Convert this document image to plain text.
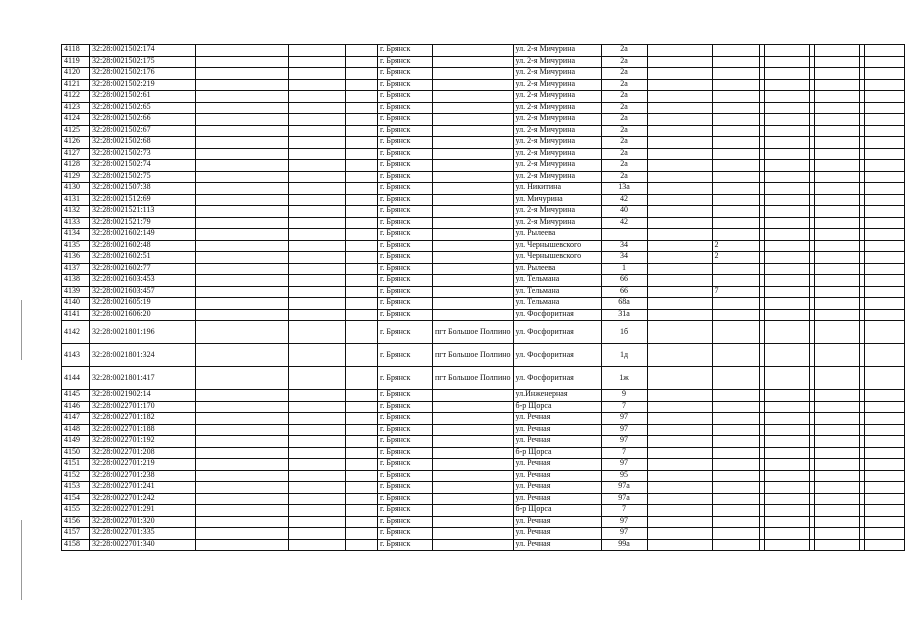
4118	32:28:0021502:174				г. Брянск		ул. 2-я Мичурина	2а								
4119	32:28:0021502:175				г. Брянск		ул. 2-я Мичурина	2а								
4120	32:28:0021502:176				г. Брянск		ул. 2-я Мичурина	2а								
4121	32:28:0021502:219				г. Брянск		ул. 2-я Мичурина	2а								
4122	32:28:0021502:61				г. Брянск		ул. 2-я Мичурина	2а								
4123	32:28:0021502:65				г. Брянск		ул. 2-я Мичурина	2а								
4124	32:28:0021502:66				г. Брянск		ул. 2-я Мичурина	2а								
4125	32:28:0021502:67				г. Брянск		ул. 2-я Мичурина	2а								
4126	32:28:0021502:68				г. Брянск		ул. 2-я Мичурина	2а								
4127	32:28:0021502:73				г. Брянск		ул. 2-я Мичурина	2а								
4128	32:28:0021502:74				г. Брянск		ул. 2-я Мичурина	2а								
4129	32:28:0021502:75				г. Брянск		ул. 2-я Мичурина	2а								
4130	32:28:0021507:38				г. Брянск		ул. Никитина	13а								
4131	32:28:0021512:69				г. Брянск		ул. Мичурина	42								
4132	32:28:0021521:113				г. Брянск		ул. 2-я Мичурина	40								
4133	32:28:0021521:79				г. Брянск		ул. 2-я Мичурина	42								
4134	32:28:0021602:149				г. Брянск		ул. Рылеева									
4135	32:28:0021602:48				г. Брянск		ул. Чернышевского	34		2						
4136	32:28:0021602:51				г. Брянск		ул. Чернышевского	34		2						
4137	32:28:0021602:77				г. Брянск		ул. Рылеева	1								
4138	32:28:0021603:453				г. Брянск		ул. Тельмана	66								
4139	32:28:0021603:457				г. Брянск		ул. Тельмана	66		7						
4140	32:28:0021605:19				г. Брянск		ул. Тельмана	68а								
4141	32:28:0021606:20				г. Брянск		ул. Фосфоритная	31а								
4142	32:28:0021801:196				г. Брянск	пгт Большое Полпино	ул. Фосфоритная	1б								
4143	32:28:0021801:324				г. Брянск	пгт Большое Полпино	ул. Фосфоритная	1д								
4144	32:28:0021801:417				г. Брянск	пгт Большое Полпино	ул. Фосфоритная	1ж								
4145	32:28:0021902:14				г. Брянск		ул.Инженерная	9								
4146	32:28:0022701:170				г. Брянск		б-р Щорса	7								
4147	32:28:0022701:182				г. Брянск		ул. Речная	97								
4148	32:28:0022701:188				г. Брянск		ул. Речная	97								
4149	32:28:0022701:192				г. Брянск		ул. Речная	97								
4150	32:28:0022701:208				г. Брянск		б-р Щорса	7								
4151	32:28:0022701:219				г. Брянск		ул. Речная	97								
4152	32:28:0022701:238				г. Брянск		ул. Речная	95								
4153	32:28:0022701:241				г. Брянск		ул. Речная	97а								
4154	32:28:0022701:242				г. Брянск		ул. Речная	97а								
4155	32:28:0022701:291				г. Брянск		б-р Щорса	7								
4156	32:28:0022701:320				г. Брянск		ул. Речная	97								
4157	32:28:0022701:335				г. Брянск		ул. Речная	97								
4158	32:28:0022701:340				г. Брянск		ул. Речная	99а								
